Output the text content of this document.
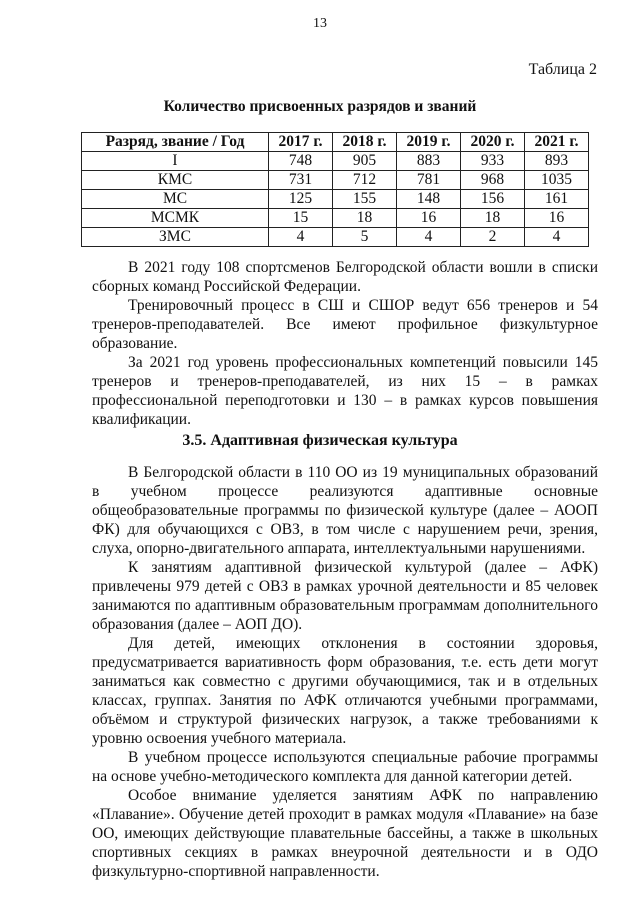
13
Таблица 2
Количество присвоенных разрядов и званий
Разряд, звание / Год	2017 г.	2018 г.	2019 г.	2020 г.	2021 г.
I	748	905	883	933	893
КМС	731	712	781	968	1035
МС	125	155	148	156	161
МСМК	15	18	16	18	16
ЗМС	4	5	4	2	4

В 2021 году 108 спортсменов Белгородской области вошли в списки сборных команд Российской Федерации.

Тренировочный процесс в СШ и СШОР ведут 656 тренеров и 54 тренеров-преподавателей. Все имеют профильное физкультурное образование.

За 2021 год уровень профессиональных компетенций повысили 145 тренеров и тренеров-преподавателей, из них 15 – в рамках профессиональной переподготовки и 130 – в рамках курсов повышения квалификации.

3.5. Адаптивная физическая культура

В Белгородской области в 110 ОО из 19 муниципальных образований в учебном процессе реализуются адаптивные основные общеобразовательные программы по физической культуре (далее – АООП ФК) для обучающихся с ОВЗ, в том числе с нарушением речи, зрения, слуха, опорно-двигательного аппарата, интеллектуальными нарушениями.

К занятиям адаптивной физической культурой (далее – АФК) привлечены 979 детей с ОВЗ в рамках урочной деятельности и 85 человек занимаются по адаптивным образовательным программам дополнительного образования (далее – АОП ДО).

Для детей, имеющих отклонения в состоянии здоровья, предусматривается вариативность форм образования, т.е. есть дети могут заниматься как совместно с другими обучающимися, так и в отдельных классах, группах. Занятия по АФК отличаются учебными программами, объёмом и структурой физических нагрузок, а также требованиями к уровню освоения учебного материала.

В учебном процессе используются специальные рабочие программы на основе учебно-методического комплекта для данной категории детей.

Особое внимание уделяется занятиям АФК по направлению «Плавание». Обучение детей проходит в рамках модуля «Плавание» на базе ОО, имеющих действующие плавательные бассейны, а также в школьных спортивных секциях в рамках внеурочной деятельности и в ОДО физкультурно-спортивной направленности.
